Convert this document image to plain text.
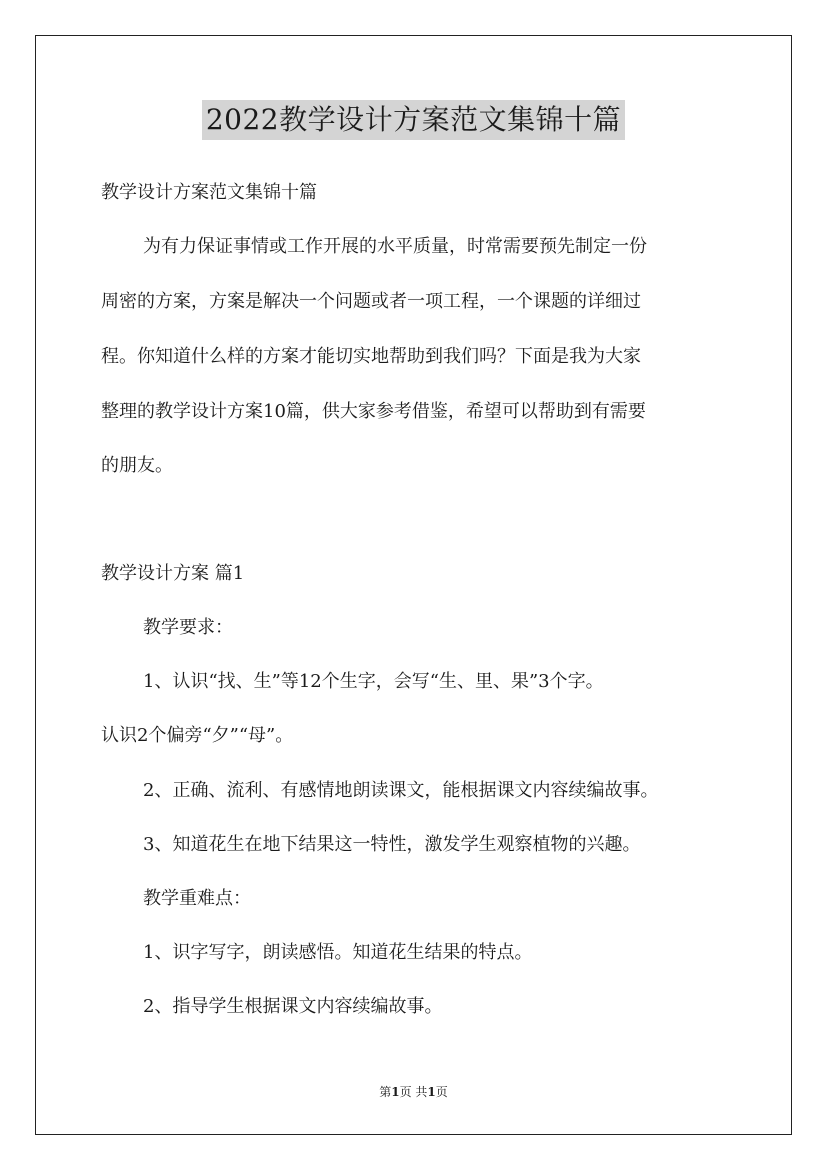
2022教学设计方案范文集锦十篇
教学设计方案范文集锦十篇
为有力保证事情或工作开展的水平质量，时常需要预先制定一份
周密的方案，方案是解决一个问题或者一项工程，一个课题的详细过
程。你知道什么样的方案才能切实地帮助到我们吗？下面是我为大家
整理的教学设计方案10篇，供大家参考借鉴，希望可以帮助到有需要
的朋友。
教学设计方案 篇1
教学要求：
1、认识“找、生”等12个生字，会写“生、里、果”3个字。
认识2个偏旁“夕”“母”。
2、正确、流利、有感情地朗读课文，能根据课文内容续编故事。
3、知道花生在地下结果这一特性，激发学生观察植物的兴趣。
教学重难点：
1、识字写字，朗读感悟。知道花生结果的特点。
2、指导学生根据课文内容续编故事。
第1页 共1页
